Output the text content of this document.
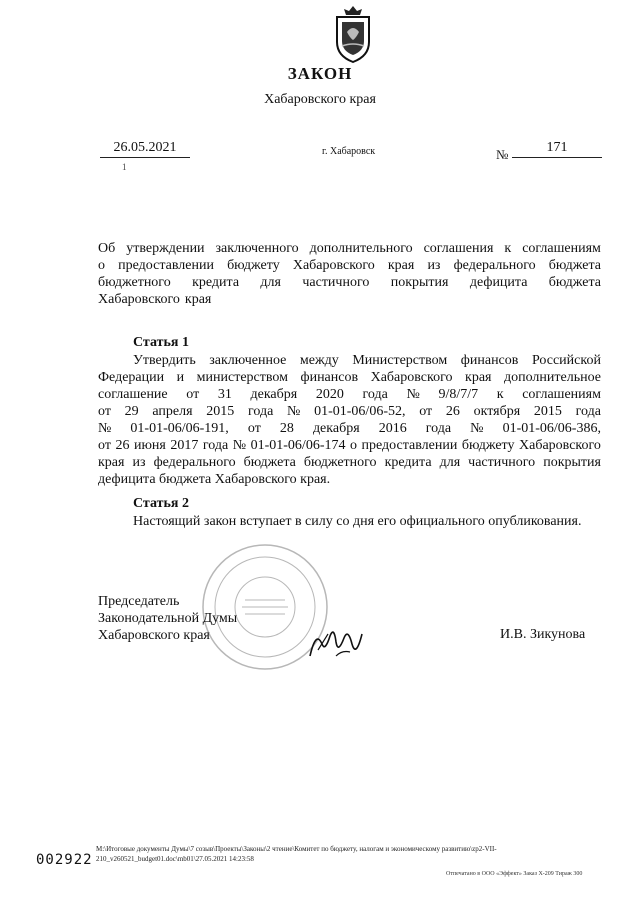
ЗАКОН
Хабаровского края
26.05.2021	г. Хабаровск	№	171
1
Об утверждении заключенного дополнительного соглашения к соглашениям
о предоставлении бюджету Хабаровского края из федерального бюджета
бюджетного кредита для частичного покрытия дефицита бюджета
Хабаровского края
Статья 1
Утвердить заключенное между Министерством финансов Российской
Федерации и министерством финансов Хабаровского края дополнительное
соглашение от 31 декабря 2020 года № 9/8/7/7 к соглашениям
от 29 апреля 2015 года № 01-01-06/06-52, от 26 октября 2015 года
№ 01-01-06/06-191, от 28 декабря 2016 года № 01-01-06/06-386,
от 26 июня 2017 года № 01-01-06/06-174 о предоставлении бюджету Хабаровского
края из федерального бюджета бюджетного кредита для частичного покрытия
дефицита бюджета Хабаровского края.
Статья 2
Настоящий закон вступает в силу со дня его официального опубликования.
Председатель
Законодательной Думы
Хабаровского края	И.В. Зикунова
002922
M:\Итоговые документы Думы\7 созыв\Проекты\Законы\2 чтение\Комитет по бюджету, налогам и экономическому развитию\zp2-VII-
210_v260521_budget01.doc\mb01\27.05.2021 14:23:58
Отпечатано в ООО «Эффект» Заказ Х-209 Тираж 300
